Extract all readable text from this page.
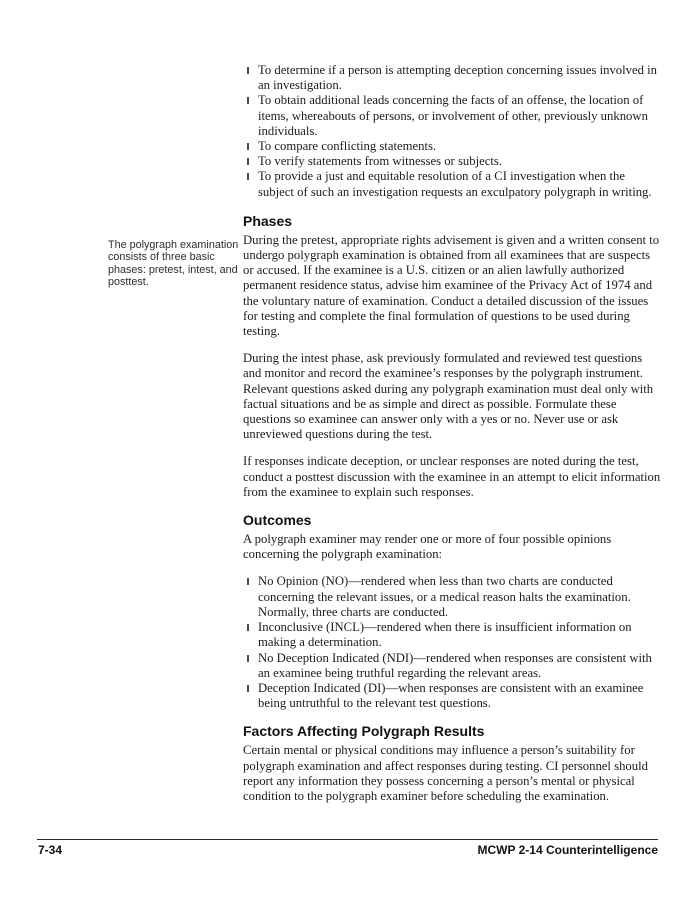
The polygraph examination consists of three basic phases: pretest, intest, and posttest.
To determine if a person is attempting deception concerning issues involved in an investigation.
To obtain additional leads concerning the facts of an offense, the location of items, whereabouts of persons, or involvement of other, previously unknown individuals.
To compare conflicting statements.
To verify statements from witnesses or subjects.
To provide a just and equitable resolution of a CI investigation when the subject of such an investigation requests an exculpatory polygraph in writing.
Phases

During the pretest, appropriate rights advisement is given and a written consent to undergo polygraph examination is obtained from all examinees that are suspects or accused. If the examinee is a U.S. citizen or an alien lawfully authorized permanent residence status, advise him examinee of the Privacy Act of 1974 and the voluntary nature of examination. Conduct a detailed discussion of the issues for testing and complete the final formulation of questions to be used during testing.

During the intest phase, ask previously formulated and reviewed test questions and monitor and record the examinee’s responses by the polygraph instrument. Relevant questions asked during any polygraph examination must deal only with factual situations and be as simple and direct as possible. Formulate these questions so examinee can answer only with a yes or no. Never use or ask unreviewed questions during the test.

If responses indicate deception, or unclear responses are noted during the test, conduct a posttest discussion with the examinee in an attempt to elicit information from the examinee to explain such responses.

Outcomes

A polygraph examiner may render one or more of four possible opinions concerning the polygraph examination:

No Opinion (NO)—rendered when less than two charts are conducted concerning the relevant issues, or a medical reason halts the examination. Normally, three charts are conducted.
Inconclusive (INCL)—rendered when there is insufficient information on making a determination.
No Deception Indicated (NDI)—rendered when responses are consistent with an examinee being truthful regarding the relevant areas.
Deception Indicated (DI)—when responses are consistent with an examinee being untruthful to the relevant test questions.
Factors Affecting Polygraph Results

Certain mental or physical conditions may influence a person’s suitability for polygraph examination and affect responses during testing. CI personnel should report any information they possess concerning a person’s mental or physical condition to the polygraph examiner before scheduling the examination.

7-34	MCWP 2-14 Counterintelligence
